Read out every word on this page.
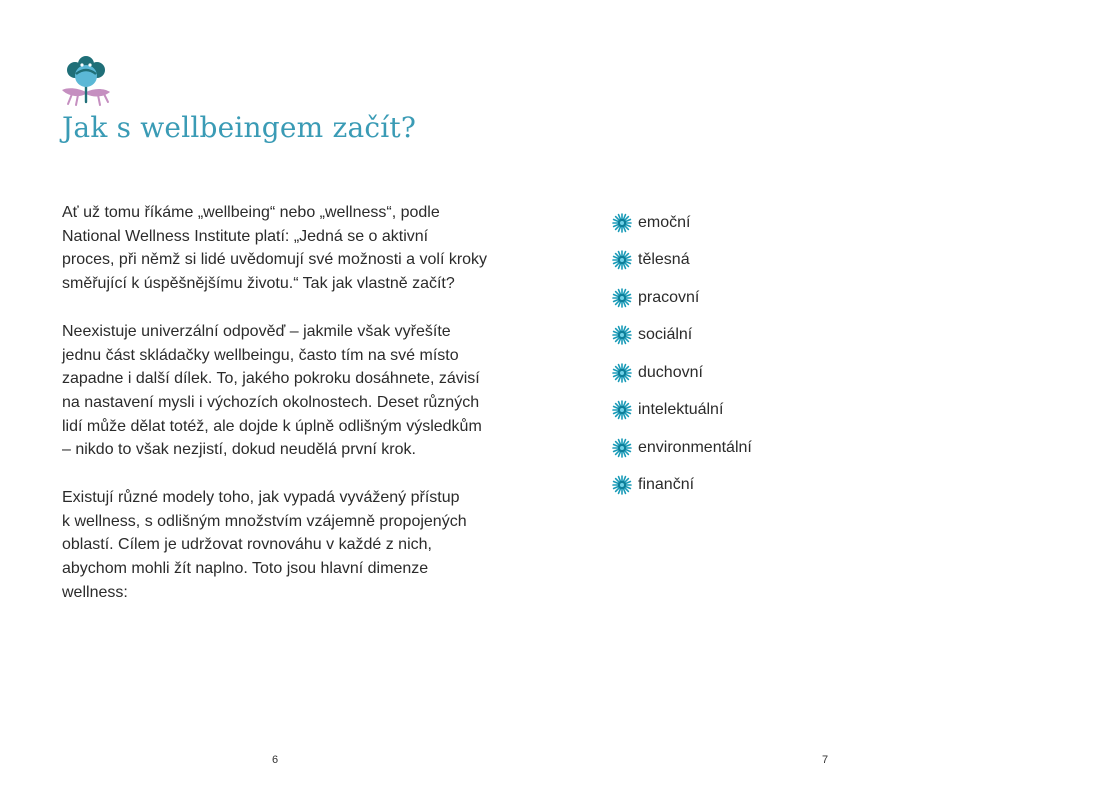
Jak s wellbeingem začít?

Ať už tomu říkáme „wellbeing“ nebo „wellness“, podle
National Wellness Institute platí: „Jedná se o aktivní
proces, při němž si lidé uvědomují své možnosti a volí kroky
směřující k úspěšnějšímu životu.“ Tak jak vlastně začít?

Neexistuje univerzální odpověď – jakmile však vyřešíte
jednu část skládačky wellbeingu, často tím na své místo
zapadne i další dílek. To, jakého pokroku dosáhnete, závisí
na nastavení mysli i výchozích okolnostech. Deset různých
lidí může dělat totéž, ale dojde k úplně odlišným výsledkům
– nikdo to však nezjistí, dokud neudělá první krok.

Existují různé modely toho, jak vypadá vyvážený přístup
k wellness, s odlišným množstvím vzájemně propojených
oblastí. Cílem je udržovat rovnováhu v každé z nich,
abychom mohli žít naplno. Toto jsou hlavní dimenze
wellness:

6
emoční
tělesná
pracovní
sociální
duchovní
intelektuální
environmentální
finanční
7
